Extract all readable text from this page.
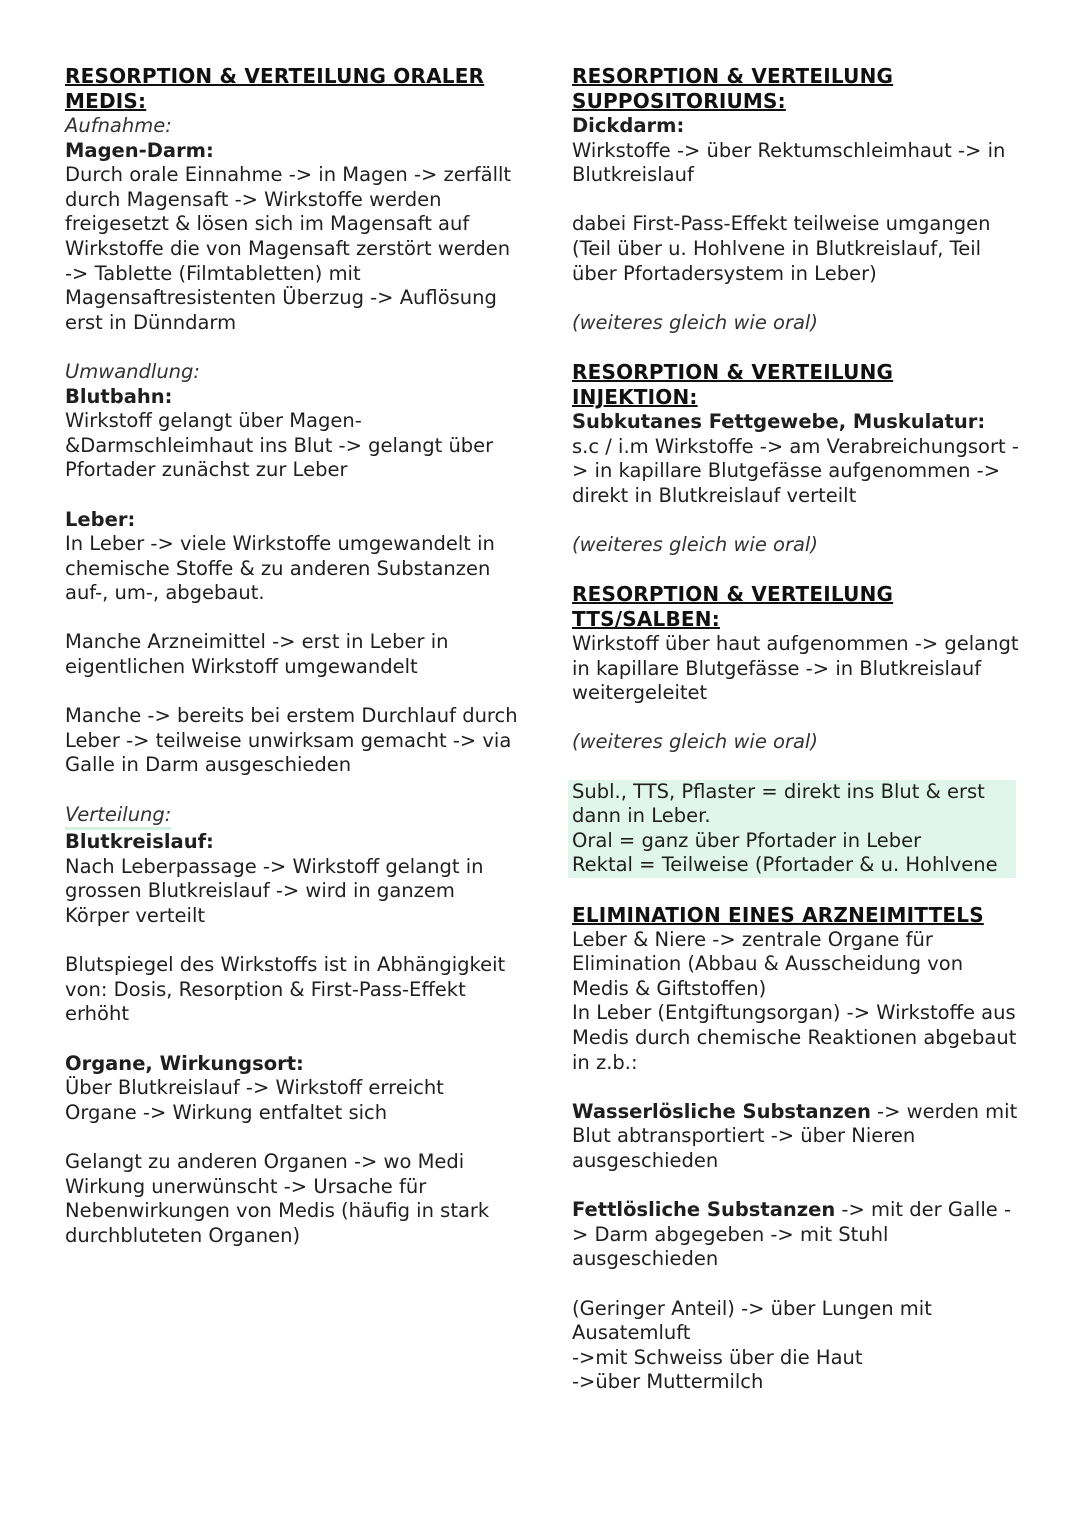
RESORPTION & VERTEILUNG ORALER MEDIS:

Aufnahme:

Magen-Darm:

Durch orale Einnahme -> in Magen -> zerfällt durch Magensaft -> Wirkstoffe werden freigesetzt & lösen sich im Magensaft auf Wirkstoffe die von Magensaft zerstört werden -> Tablette (Filmtabletten) mit Magensaftresistenten Überzug -> Auflösung erst in Dünndarm

Umwandlung:

Blutbahn:

Wirkstoff gelangt über Magen- &Darmschleimhaut ins Blut -> gelangt über Pfortader zunächst zur Leber

Leber:

In Leber -> viele Wirkstoffe umgewandelt in chemische Stoffe & zu anderen Substanzen auf-, um-, abgebaut.

Manche Arzneimittel -> erst in Leber in eigentlichen Wirkstoff umgewandelt

Manche -> bereits bei erstem Durchlauf durch Leber -> teilweise unwirksam gemacht -> via Galle in Darm ausgeschieden

Verteilung:

Blutkreislauf:

Nach Leberpassage -> Wirkstoff gelangt in grossen Blutkreislauf -> wird in ganzem Körper verteilt

Blutspiegel des Wirkstoffs ist in Abhängigkeit von: Dosis, Resorption & First-Pass-Effekt erhöht

Organe, Wirkungsort:

Über Blutkreislauf -> Wirkstoff erreicht Organe -> Wirkung entfaltet sich

Gelangt zu anderen Organen -> wo Medi Wirkung unerwünscht -> Ursache für Nebenwirkungen von Medis (häufig in stark durchbluteten Organen)

RESORPTION & VERTEILUNG SUPPOSITORIUMS:

Dickdarm:

Wirkstoffe -> über Rektumschleimhaut -> in Blutkreislauf

dabei First-Pass-Effekt teilweise umgangen (Teil über u. Hohlvene in Blutkreislauf, Teil über Pfortadersystem in Leber)

(weiteres gleich wie oral)

RESORPTION & VERTEILUNG INJEKTION:

Subkutanes Fettgewebe, Muskulatur:

s.c / i.m Wirkstoffe -> am Verabreichungsort -> in kapillare Blutgefässe aufgenommen -> direkt in Blutkreislauf verteilt

(weiteres gleich wie oral)

RESORPTION & VERTEILUNG TTS/SALBEN:

Wirkstoff über haut aufgenommen -> gelangt in kapillare Blutgefässe -> in Blutkreislauf weitergeleitet

(weiteres gleich wie oral)

Subl., TTS, Pflaster = direkt ins Blut & erst dann in Leber.

Oral = ganz über Pfortader in Leber

Rektal = Teilweise (Pfortader & u. Hohlvene

ELIMINATION EINES ARZNEIMITTELS

Leber & Niere -> zentrale Organe für Elimination (Abbau & Ausscheidung von Medis & Giftstoffen)

In Leber (Entgiftungsorgan) -> Wirkstoffe aus Medis durch chemische Reaktionen abgebaut in z.b.:

Wasserlösliche Substanzen -> werden mit Blut abtransportiert -> über Nieren ausgeschieden

Fettlösliche Substanzen -> mit der Galle -> Darm abgegeben -> mit Stuhl ausgeschieden

(Geringer Anteil) -> über Lungen mit Ausatemluft

->mit Schweiss über die Haut

->über Muttermilch
